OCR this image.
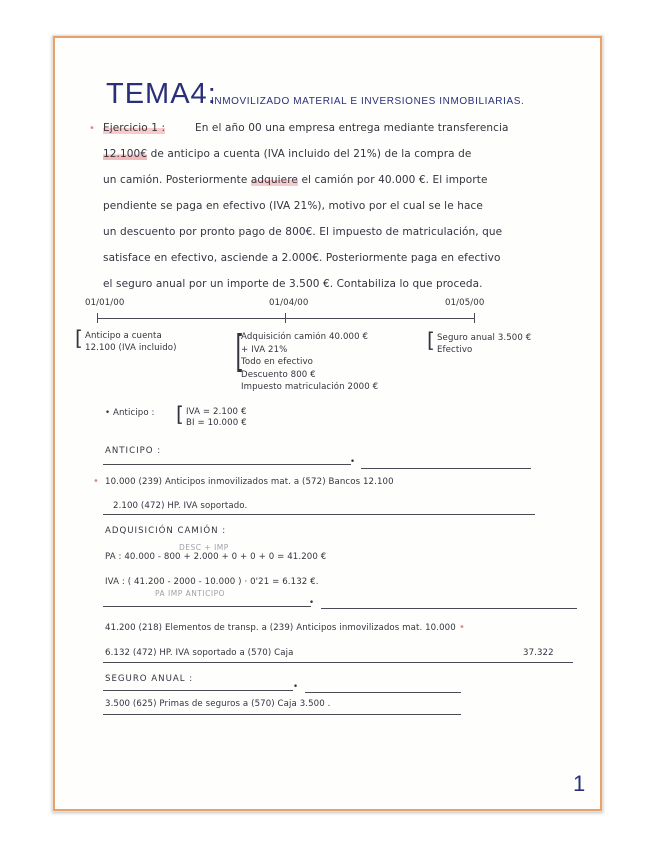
TEMA4:
INMOVILIZADO MATERIAL E INVERSIONES INMOBILIARIAS.
• Ejercicio 1 :	En el año 00 una empresa entrega mediante transferencia
12.100€ de anticipo a cuenta (IVA incluido del 21%) de la compra de
un camión. Posteriormente adquiere el camión por 40.000 €. El importe
pendiente se paga en efectivo (IVA 21%), motivo por el cual se le hace
un descuento por pronto pago de 800€. El impuesto de matriculación, que
satisface en efectivo, asciende a 2.000€. Posteriormente paga en efectivo
el seguro anual por un importe de 3.500 €. Contabiliza lo que proceda.
01/01/00	01/04/00	01/05/00
[ Anticipo a cuenta
12.100 (IVA incluido) [
Adquisición camión 40.000 €
+ IVA 21%
Todo en efectivo
Descuento 800 €
Impuesto matriculación 2000 €
[ Seguro anual 3.500 €
Efectivo
• Anticipo : [ IVA = 2.100 €
BI = 10.000 €
ANTICIPO :
•
• 10.000 (239) Anticipos inmovilizados mat. a (572) Bancos 12.100
2.100 (472) HP. IVA soportado.
ADQUISICIÓN CAMIÓN :
DESC + IMP
PA : 40.000 - 800 + 2.000 + 0 + 0 + 0 = 41.200 €
IVA : ( 41.200 - 2000 - 10.000 ) · 0'21 = 6.132 €.
PA IMP ANTICIPO
•
41.200 (218) Elementos de transp. a (239) Anticipos inmovilizados mat. 10.000 •
6.132 (472) HP. IVA soportado a (570) Caja	37.322
SEGURO ANUAL :
•
3.500 (625) Primas de seguros a (570) Caja 3.500 .
1
